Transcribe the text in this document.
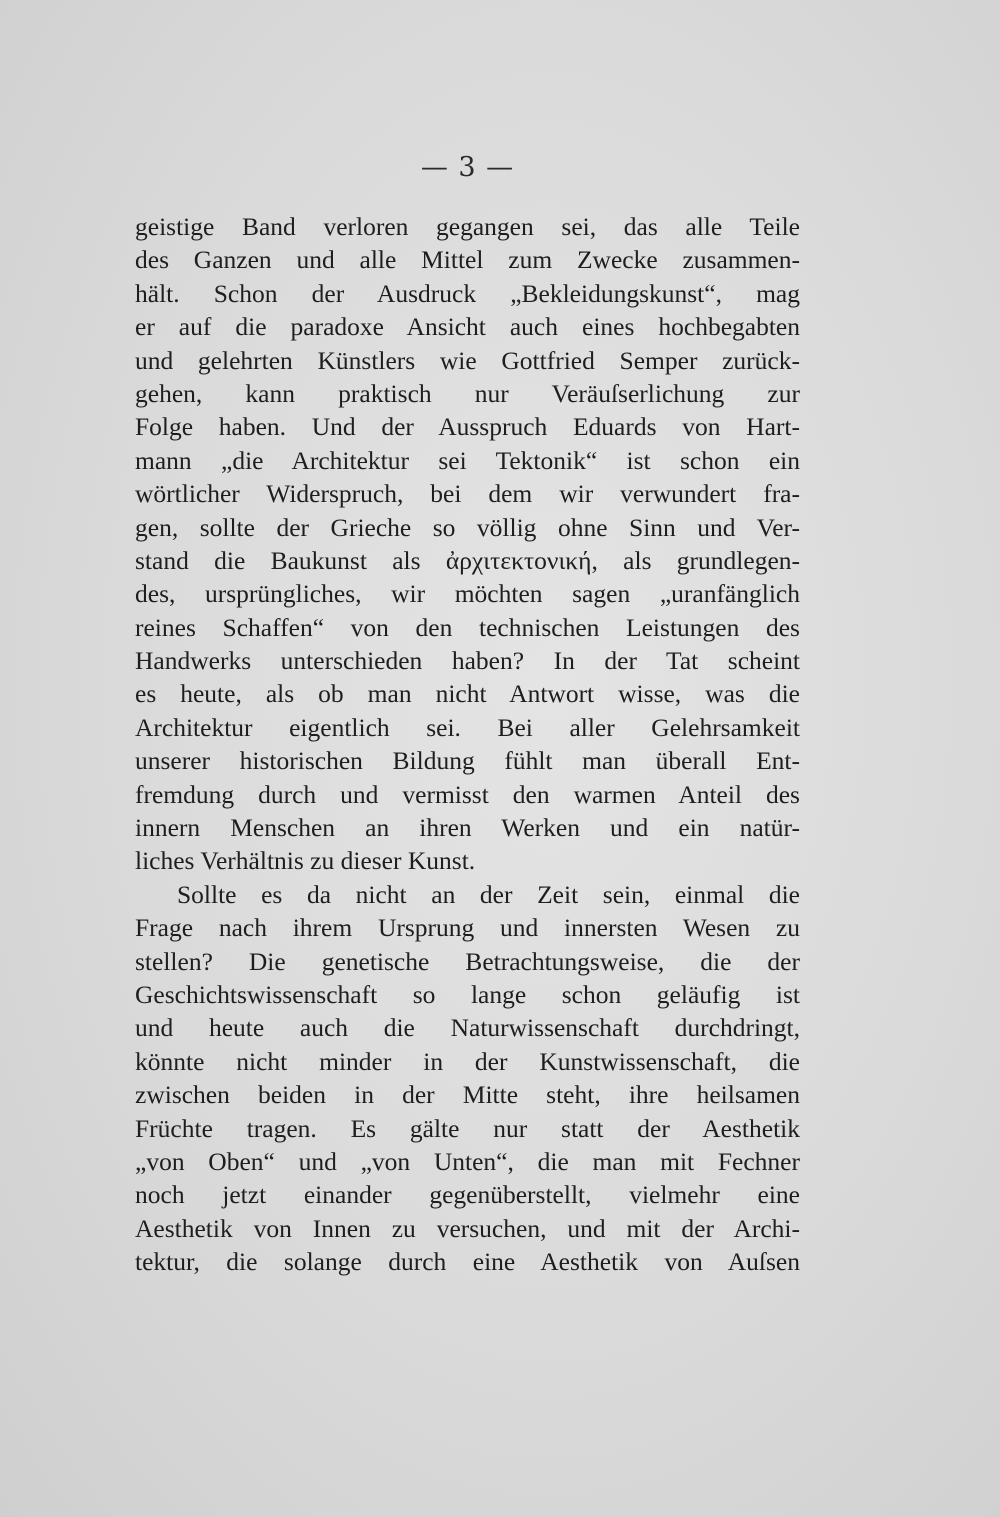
— 3 —
geistige Band verloren gegangen sei, das alle Teile
des Ganzen und alle Mittel zum Zwecke zusammen-
hält. Schon der Ausdruck „Bekleidungskunst“, mag
er auf die paradoxe Ansicht auch eines hochbegabten
und gelehrten Künstlers wie Gottfried Semper zurück-
gehen, kann praktisch nur Veräuſserlichung zur
Folge haben. Und der Ausspruch Eduards von Hart-
mann „die Architektur sei Tektonik“ ist schon ein
wörtlicher Widerspruch, bei dem wir verwundert fra-
gen, sollte der Grieche so völlig ohne Sinn und Ver-
stand die Baukunst als ἀρχιτεκτονική, als grundlegen-
des, ursprüngliches, wir möchten sagen „uranfänglich
reines Schaffen“ von den technischen Leistungen des
Handwerks unterschieden haben? In der Tat scheint
es heute, als ob man nicht Antwort wisse, was die
Architektur eigentlich sei. Bei aller Gelehrsamkeit
unserer historischen Bildung fühlt man überall Ent-
fremdung durch und vermisst den warmen Anteil des
innern Menschen an ihren Werken und ein natür-
liches Verhältnis zu dieser Kunst.
Sollte es da nicht an der Zeit sein, einmal die
Frage nach ihrem Ursprung und innersten Wesen zu
stellen? Die genetische Betrachtungsweise, die der
Geschichtswissenschaft so lange schon geläufig ist
und heute auch die Naturwissenschaft durchdringt,
könnte nicht minder in der Kunstwissenschaft, die
zwischen beiden in der Mitte steht, ihre heilsamen
Früchte tragen. Es gälte nur statt der Aesthetik
„von Oben“ und „von Unten“, die man mit Fechner
noch jetzt einander gegenüberstellt, vielmehr eine
Aesthetik von Innen zu versuchen, und mit der Archi-
tektur, die solange durch eine Aesthetik von Auſsen
